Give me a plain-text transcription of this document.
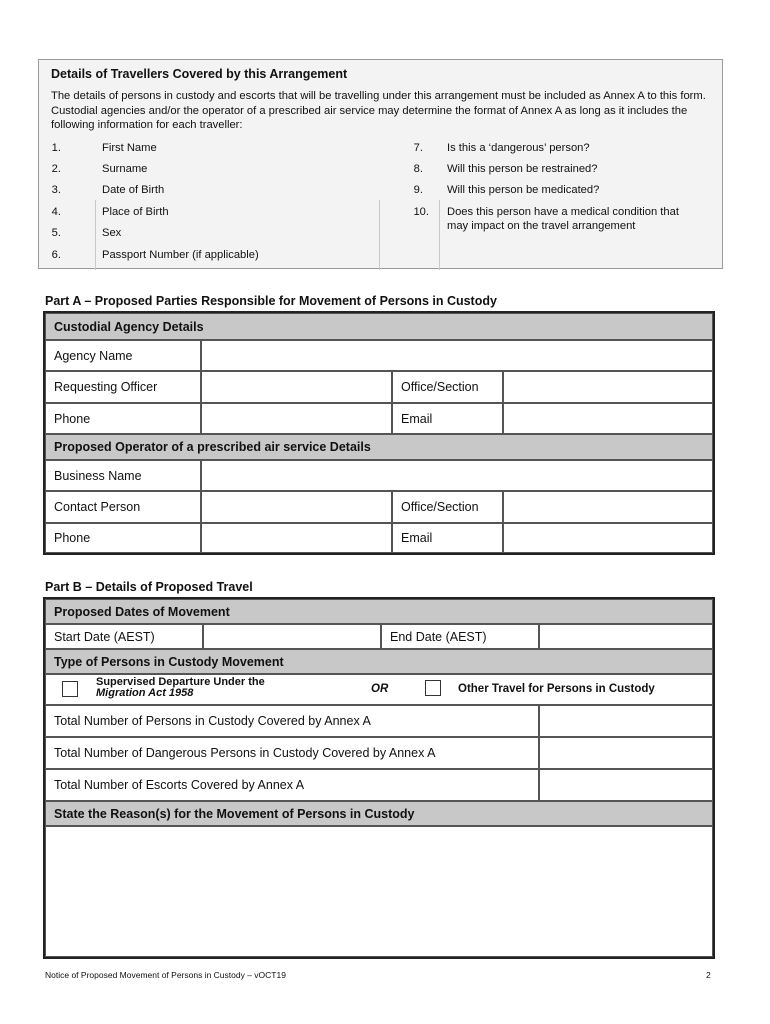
Details of Travellers Covered by this Arrangement
The details of persons in custody and escorts that will be travelling under this arrangement must be included as Annex A to this form. Custodial agencies and/or the operator of a prescribed air service may determine the format of Annex A as long as it includes the following information for each traveller:
1.	First Name
2.	Surname
3.	Date of Birth
4.	Place of Birth
5.	Sex
6.	Passport Number (if applicable)
7. Is this a ‘dangerous’ person?
8. Will this person be restrained?
9. Will this person be medicated?
10. Does this person have a medical condition that
may impact on the travel arrangement
Part A – Proposed Parties Responsible for Movement of Persons in Custody
Custodial Agency Details
Agency Name
Requesting Officer	Office/Section
Phone	Email
Proposed Operator of a prescribed air service Details
Business Name
Contact Person	Office/Section
Phone	Email
Part B – Details of Proposed Travel
Proposed Dates of Movement
Start Date (AEST)	End Date (AEST)
Type of Persons in Custody Movement
Supervised Departure Under the
Migration Act 1958	OR	Other Travel for Persons in Custody
Total Number of Persons in Custody Covered by Annex A
Total Number of Dangerous Persons in Custody Covered by Annex A
Total Number of Escorts Covered by Annex A
State the Reason(s) for the Movement of Persons in Custody
Notice of Proposed Movement of Persons in Custody – vOCT19	2
